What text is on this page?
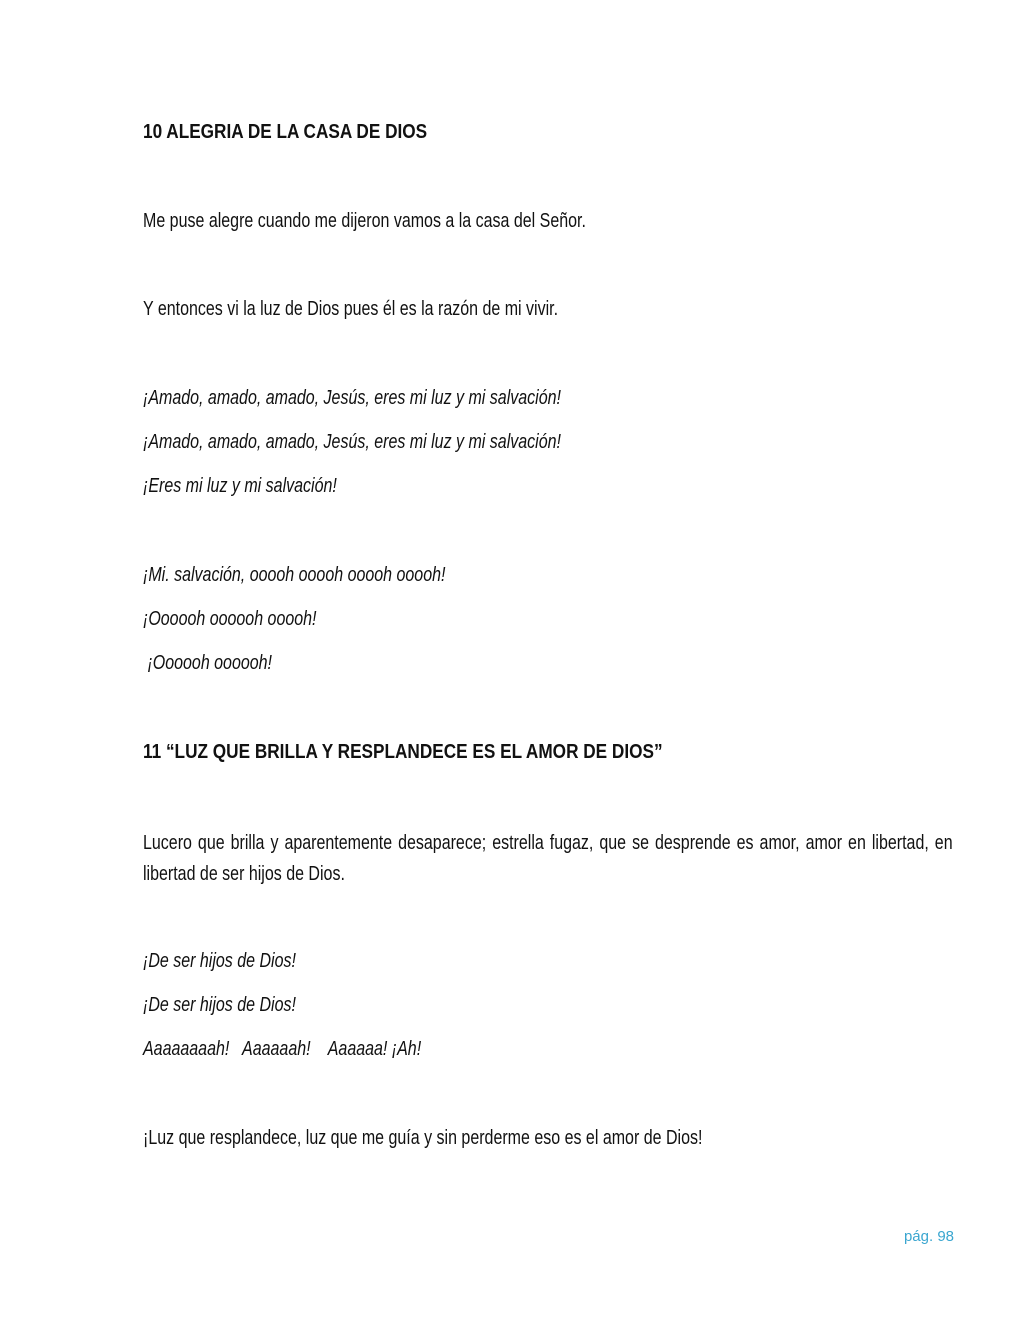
10 ALEGRIA DE LA CASA DE DIOS

Me puse alegre cuando me dijeron vamos a la casa del Señor.

Y entonces vi la luz de Dios pues él es la razón de mi vivir.

¡Amado, amado, amado, Jesús, eres mi luz y mi salvación!

¡Amado, amado, amado, Jesús, eres mi luz y mi salvación!

¡Eres mi luz y mi salvación!

¡Mi. salvación, ooooh ooooh ooooh ooooh!

¡Oooooh oooooh ooooh!

¡Oooooh oooooh!

11 “LUZ QUE BRILLA Y RESPLANDECE ES EL AMOR DE DIOS”

Lucero que brilla y aparentemente desaparece; estrella fugaz, que se desprende es amor, amor en libertad, en libertad de ser hijos de Dios.

¡De ser hijos de Dios!

¡De ser hijos de Dios!

Aaaaaaaah!   Aaaaaah!    Aaaaaa! ¡Ah!

¡Luz que resplandece, luz que me guía y sin perderme eso es el amor de Dios!

pág. 98
